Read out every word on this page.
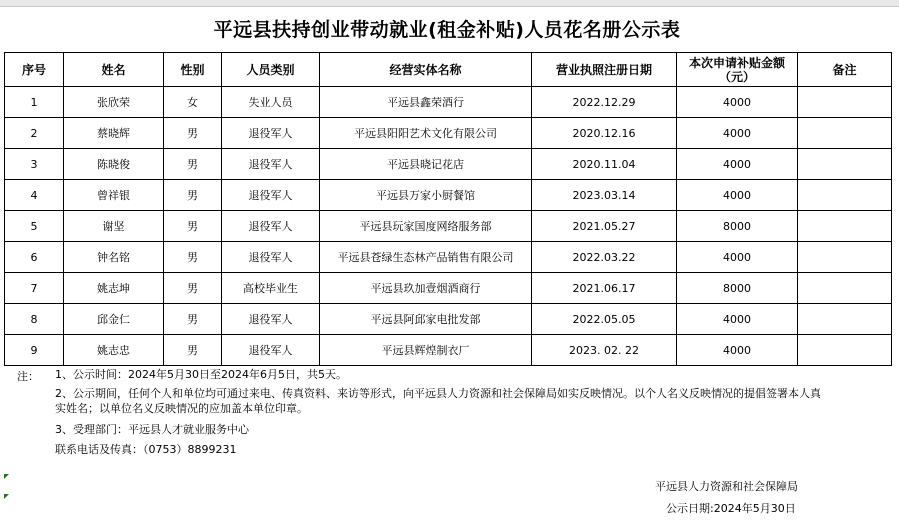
平远县扶持创业带动就业(租金补贴)人员花名册公示表
序号	姓名	性别	人员类别	经营实体名称	营业执照注册日期	本次申请补贴金额（元）	备注
1	张欣荣	女	失业人员	平远县鑫荣酒行	2022.12.29	4000	
2	蔡晓辉	男	退役军人	平远县阳阳艺术文化有限公司	2020.12.16	4000	
3	陈晓俊	男	退役军人	平远县晓记花店	2020.11.04	4000	
4	曾祥银	男	退役军人	平远县万家小厨餐馆	2023.03.14	4000	
5	谢坚	男	退役军人	平远县玩家国度网络服务部	2021.05.27	8000	
6	钟名铭	男	退役军人	平远县苍绿生态林产品销售有限公司	2022.03.22	4000	
7	姚志坤	男	高校毕业生	平远县玖加壹烟酒商行	2021.06.17	8000	
8	邱金仁	男	退役军人	平远县阿邱家电批发部	2022.05.05	4000	
9	姚志忠	男	退役军人	平远县辉煌制衣厂	2023. 02. 22	4000	
注： 1、公示时间：2024年5月30日至2024年6月5日，共5天。
2、公示期间，任何个人和单位均可通过来电、传真资料、来访等形式，向平远县人力资源和社会保障局如实反映情况。以个人名义反映情况的提倡签署本人真
实姓名；以单位名义反映情况的应加盖本单位印章。
3、受理部门：平远县人才就业服务中心
联系电话及传真：（0753）8899231
平远县人力资源和社会保障局
公示日期:2024年5月30日
